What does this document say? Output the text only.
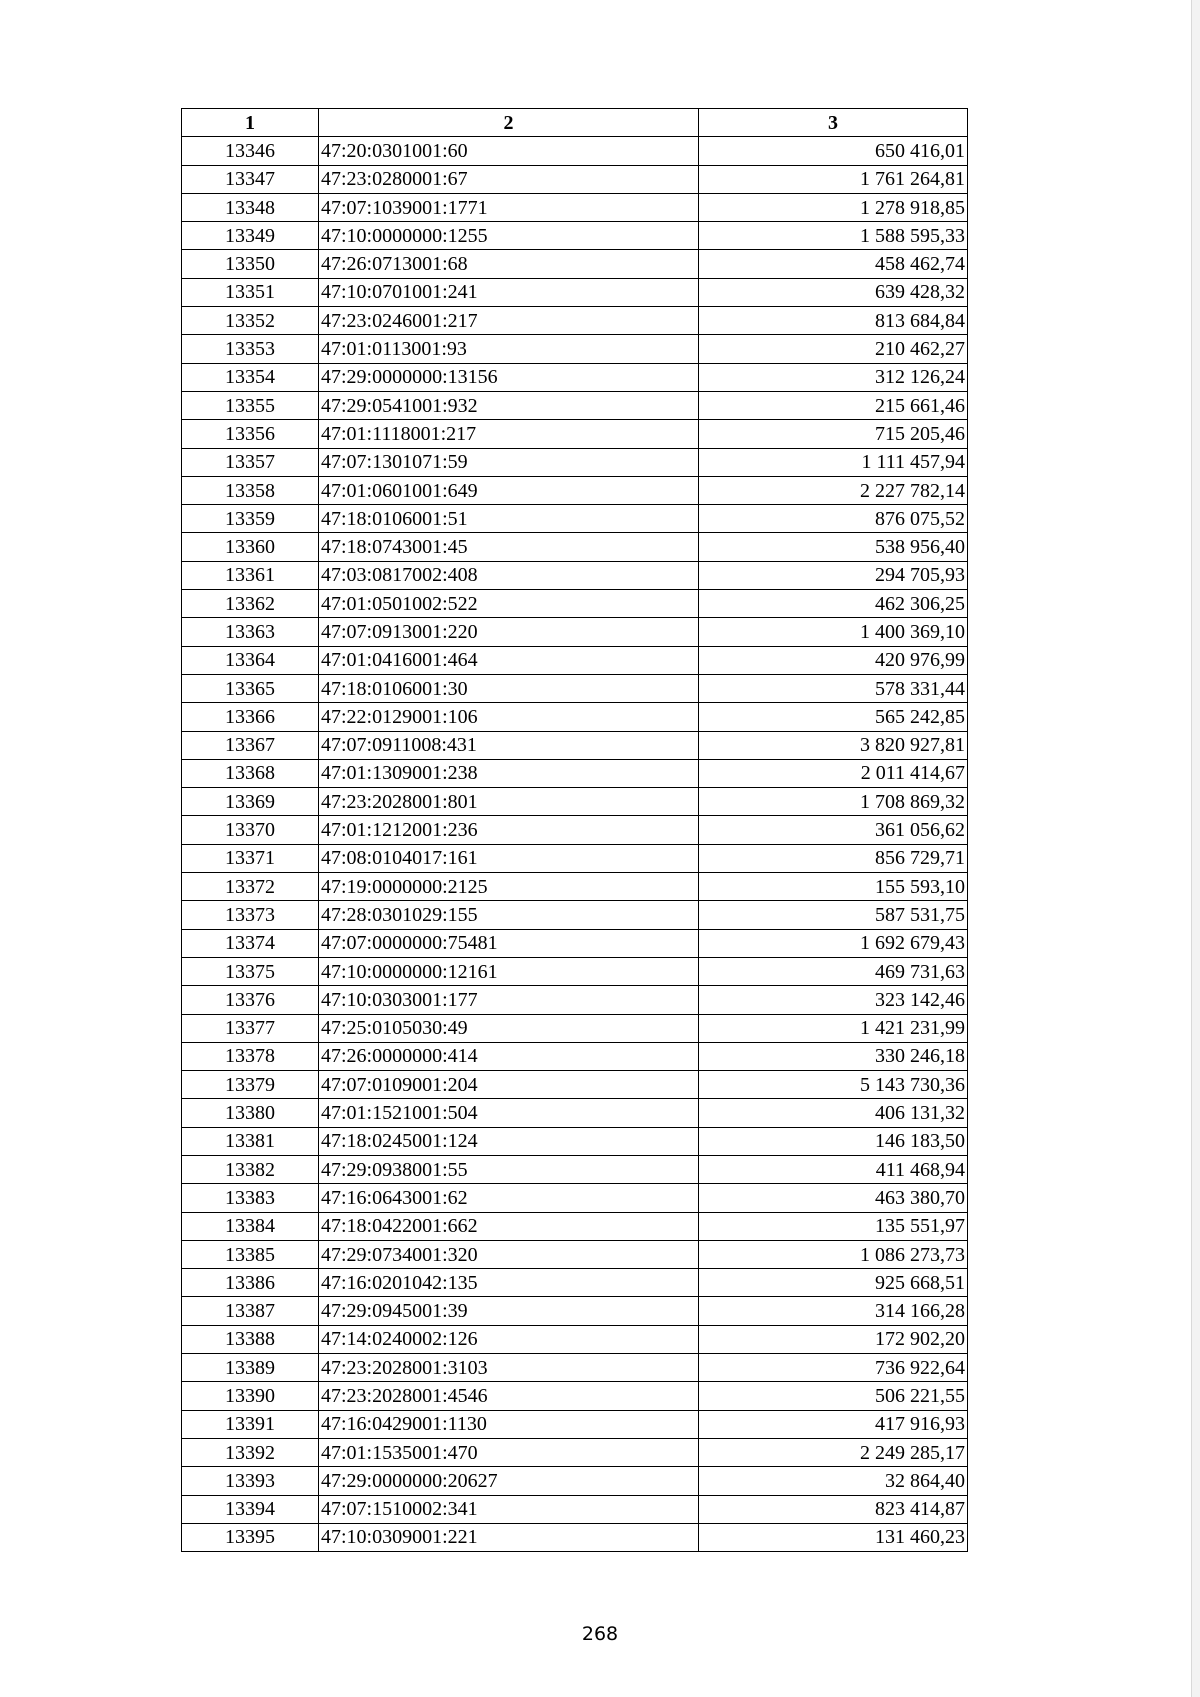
1	2	3
13346	47:20:0301001:60	650 416,01
13347	47:23:0280001:67	1 761 264,81
13348	47:07:1039001:1771	1 278 918,85
13349	47:10:0000000:1255	1 588 595,33
13350	47:26:0713001:68	458 462,74
13351	47:10:0701001:241	639 428,32
13352	47:23:0246001:217	813 684,84
13353	47:01:0113001:93	210 462,27
13354	47:29:0000000:13156	312 126,24
13355	47:29:0541001:932	215 661,46
13356	47:01:1118001:217	715 205,46
13357	47:07:1301071:59	1 111 457,94
13358	47:01:0601001:649	2 227 782,14
13359	47:18:0106001:51	876 075,52
13360	47:18:0743001:45	538 956,40
13361	47:03:0817002:408	294 705,93
13362	47:01:0501002:522	462 306,25
13363	47:07:0913001:220	1 400 369,10
13364	47:01:0416001:464	420 976,99
13365	47:18:0106001:30	578 331,44
13366	47:22:0129001:106	565 242,85
13367	47:07:0911008:431	3 820 927,81
13368	47:01:1309001:238	2 011 414,67
13369	47:23:2028001:801	1 708 869,32
13370	47:01:1212001:236	361 056,62
13371	47:08:0104017:161	856 729,71
13372	47:19:0000000:2125	155 593,10
13373	47:28:0301029:155	587 531,75
13374	47:07:0000000:75481	1 692 679,43
13375	47:10:0000000:12161	469 731,63
13376	47:10:0303001:177	323 142,46
13377	47:25:0105030:49	1 421 231,99
13378	47:26:0000000:414	330 246,18
13379	47:07:0109001:204	5 143 730,36
13380	47:01:1521001:504	406 131,32
13381	47:18:0245001:124	146 183,50
13382	47:29:0938001:55	411 468,94
13383	47:16:0643001:62	463 380,70
13384	47:18:0422001:662	135 551,97
13385	47:29:0734001:320	1 086 273,73
13386	47:16:0201042:135	925 668,51
13387	47:29:0945001:39	314 166,28
13388	47:14:0240002:126	172 902,20
13389	47:23:2028001:3103	736 922,64
13390	47:23:2028001:4546	506 221,55
13391	47:16:0429001:1130	417 916,93
13392	47:01:1535001:470	2 249 285,17
13393	47:29:0000000:20627	32 864,40
13394	47:07:1510002:341	823 414,87
13395	47:10:0309001:221	131 460,23
268
